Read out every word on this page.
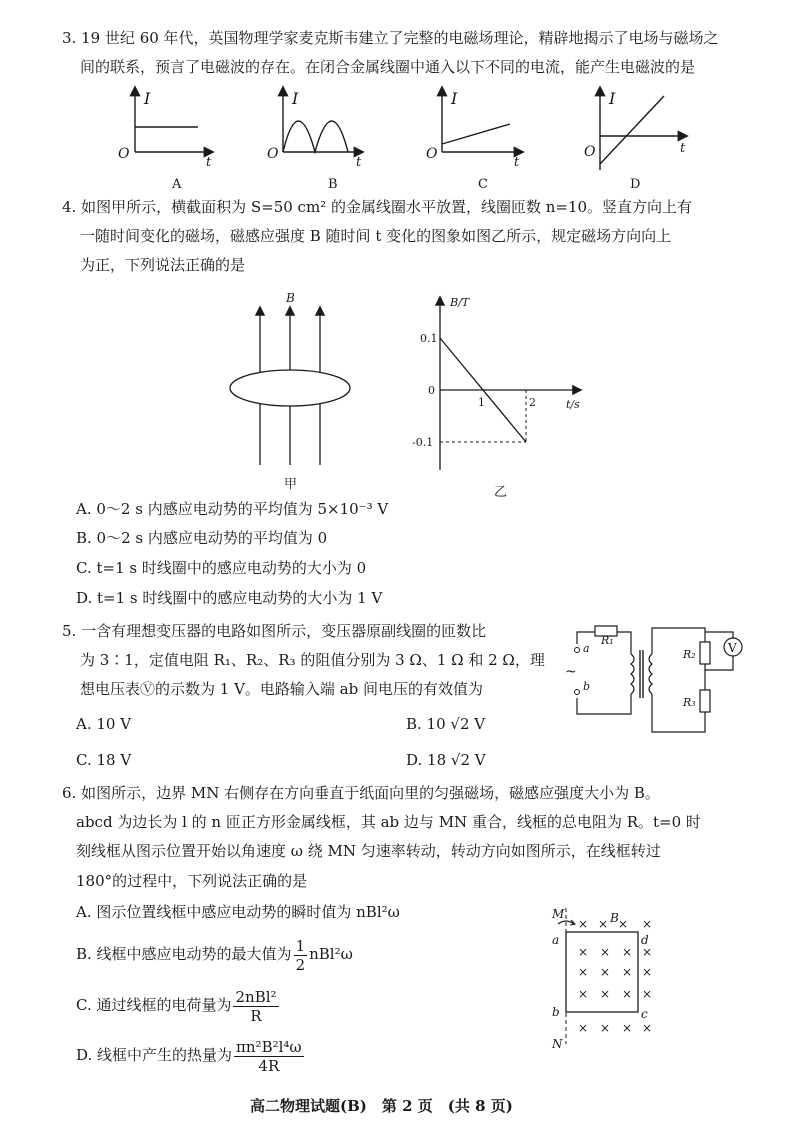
3. 19 世纪 60 年代，英国物理学家麦克斯韦建立了完整的电磁场理论，精辟地揭示了电场与磁场之
间的联系，预言了电磁波的存在。在闭合金属线圈中通入以下不同的电流，能产生电磁波的是
I
O
t
A
I
O
t
B
I
O
t
C
I
O	t
D
4. 如图甲所示，横截面积为 S=50 cm² 的金属线圈水平放置，线圈匝数 n=10。竖直方向上有
一随时间变化的磁场，磁感应强度 B 随时间 t 变化的图象如图乙所示，规定磁场方向向上
为正，下列说法正确的是
B
甲
B/T
0.1
0
-0.1
1	2	t/s
乙
A. 0～2 s 内感应电动势的平均值为 5×10⁻³ V
B. 0～2 s 内感应电动势的平均值为 0
C. t=1 s 时线圈中的感应电动势的大小为 0
D. t=1 s 时线圈中的感应电动势的大小为 1 V
5. 一含有理想变压器的电路如图所示，变压器原副线圈的匝数比
为 3∶1，定值电阻 R₁、R₂、R₃ 的阻值分别为 3 Ω、1 Ω 和 2 Ω，理
想电压表Ⓥ的示数为 1 V。电路输入端 ab 间电压的有效值为
V
R₁
R₂
R₃
a
b
~
A. 10 V	B. 10 √2 V
C. 18 V	D. 18 √2 V
6. 如图所示，边界 MN 右侧存在方向垂直于纸面向里的匀强磁场，磁感应强度大小为 B。
abcd 为边长为 l 的 n 匝正方形金属线框，其 ab 边与 MN 重合，线框的总电阻为 R。t=0 时
刻线框从图示位置开始以角速度 ω 绕 MN 匀速率转动，转动方向如图所示，在线框转过
180°的过程中，下列说法正确的是
A. 图示位置线框中感应电动势的瞬时值为 nBl²ω
B. 线框中感应电动势的最大值为 $\frac{1}{2} nBl^2\omega$
C. 通过线框的电荷量为 $\frac{\text{2nBl²}}{R}$
D. 线框中产生的热量为 $\frac{\text{πn²B²l⁴ω}}{4R}$
× × × ×
× × × ×
× × × ×
× × × ×
× × × ×
M
N
B
a
b	c
d
高二物理试题(B)　第 2 页　(共 8 页)
